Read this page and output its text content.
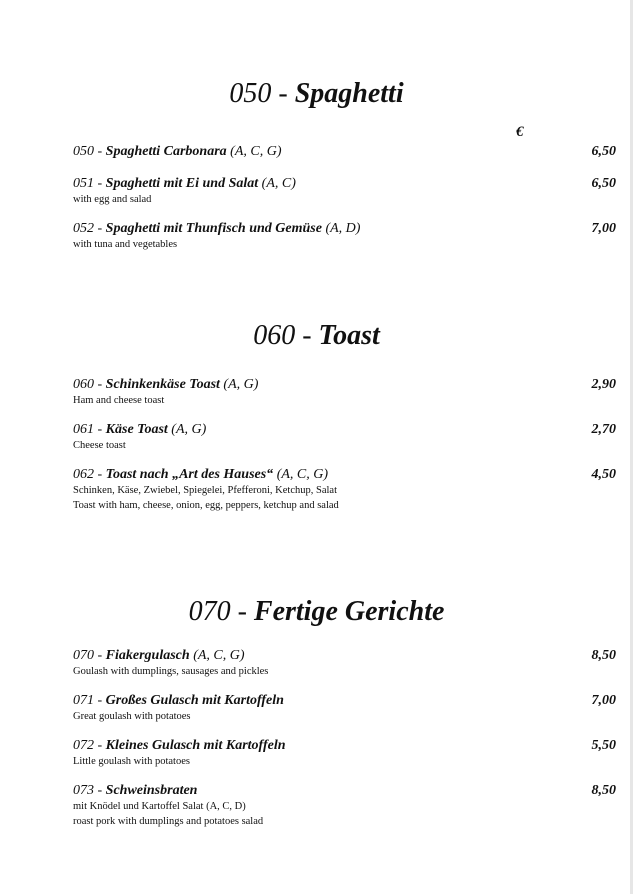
050 - Spaghetti
€
050 - Spaghetti Carbonara (A, C, G)	6,50
051 - Spaghetti mit Ei und Salat (A, C)
with egg and salad
6,50
052 - Spaghetti mit Thunfisch und Gemüse (A, D)
with tuna and vegetables
7,00
060 - Toast
060 - Schinkenkäse Toast (A, G)
Ham and cheese toast
2,90
061 - Käse Toast (A, G)
Cheese toast
2,70
062 - Toast nach „Art des Hauses“ (A, C, G)
Schinken, Käse, Zwiebel, Spiegelei, Pfefferoni, Ketchup, Salat
Toast with ham, cheese, onion, egg, peppers, ketchup and salad
4,50
070 - Fertige Gerichte
070 - Fiakergulasch (A, C, G)
Goulash with dumplings, sausages and pickles
8,50
071 - Großes Gulasch mit Kartoffeln
Great goulash with potatoes
7,00
072 - Kleines Gulasch mit Kartoffeln
Little goulash with potatoes
5,50
073 - Schweinsbraten
mit Knödel und Kartoffel Salat (A, C, D)
roast pork with dumplings and potatoes salad
8,50
